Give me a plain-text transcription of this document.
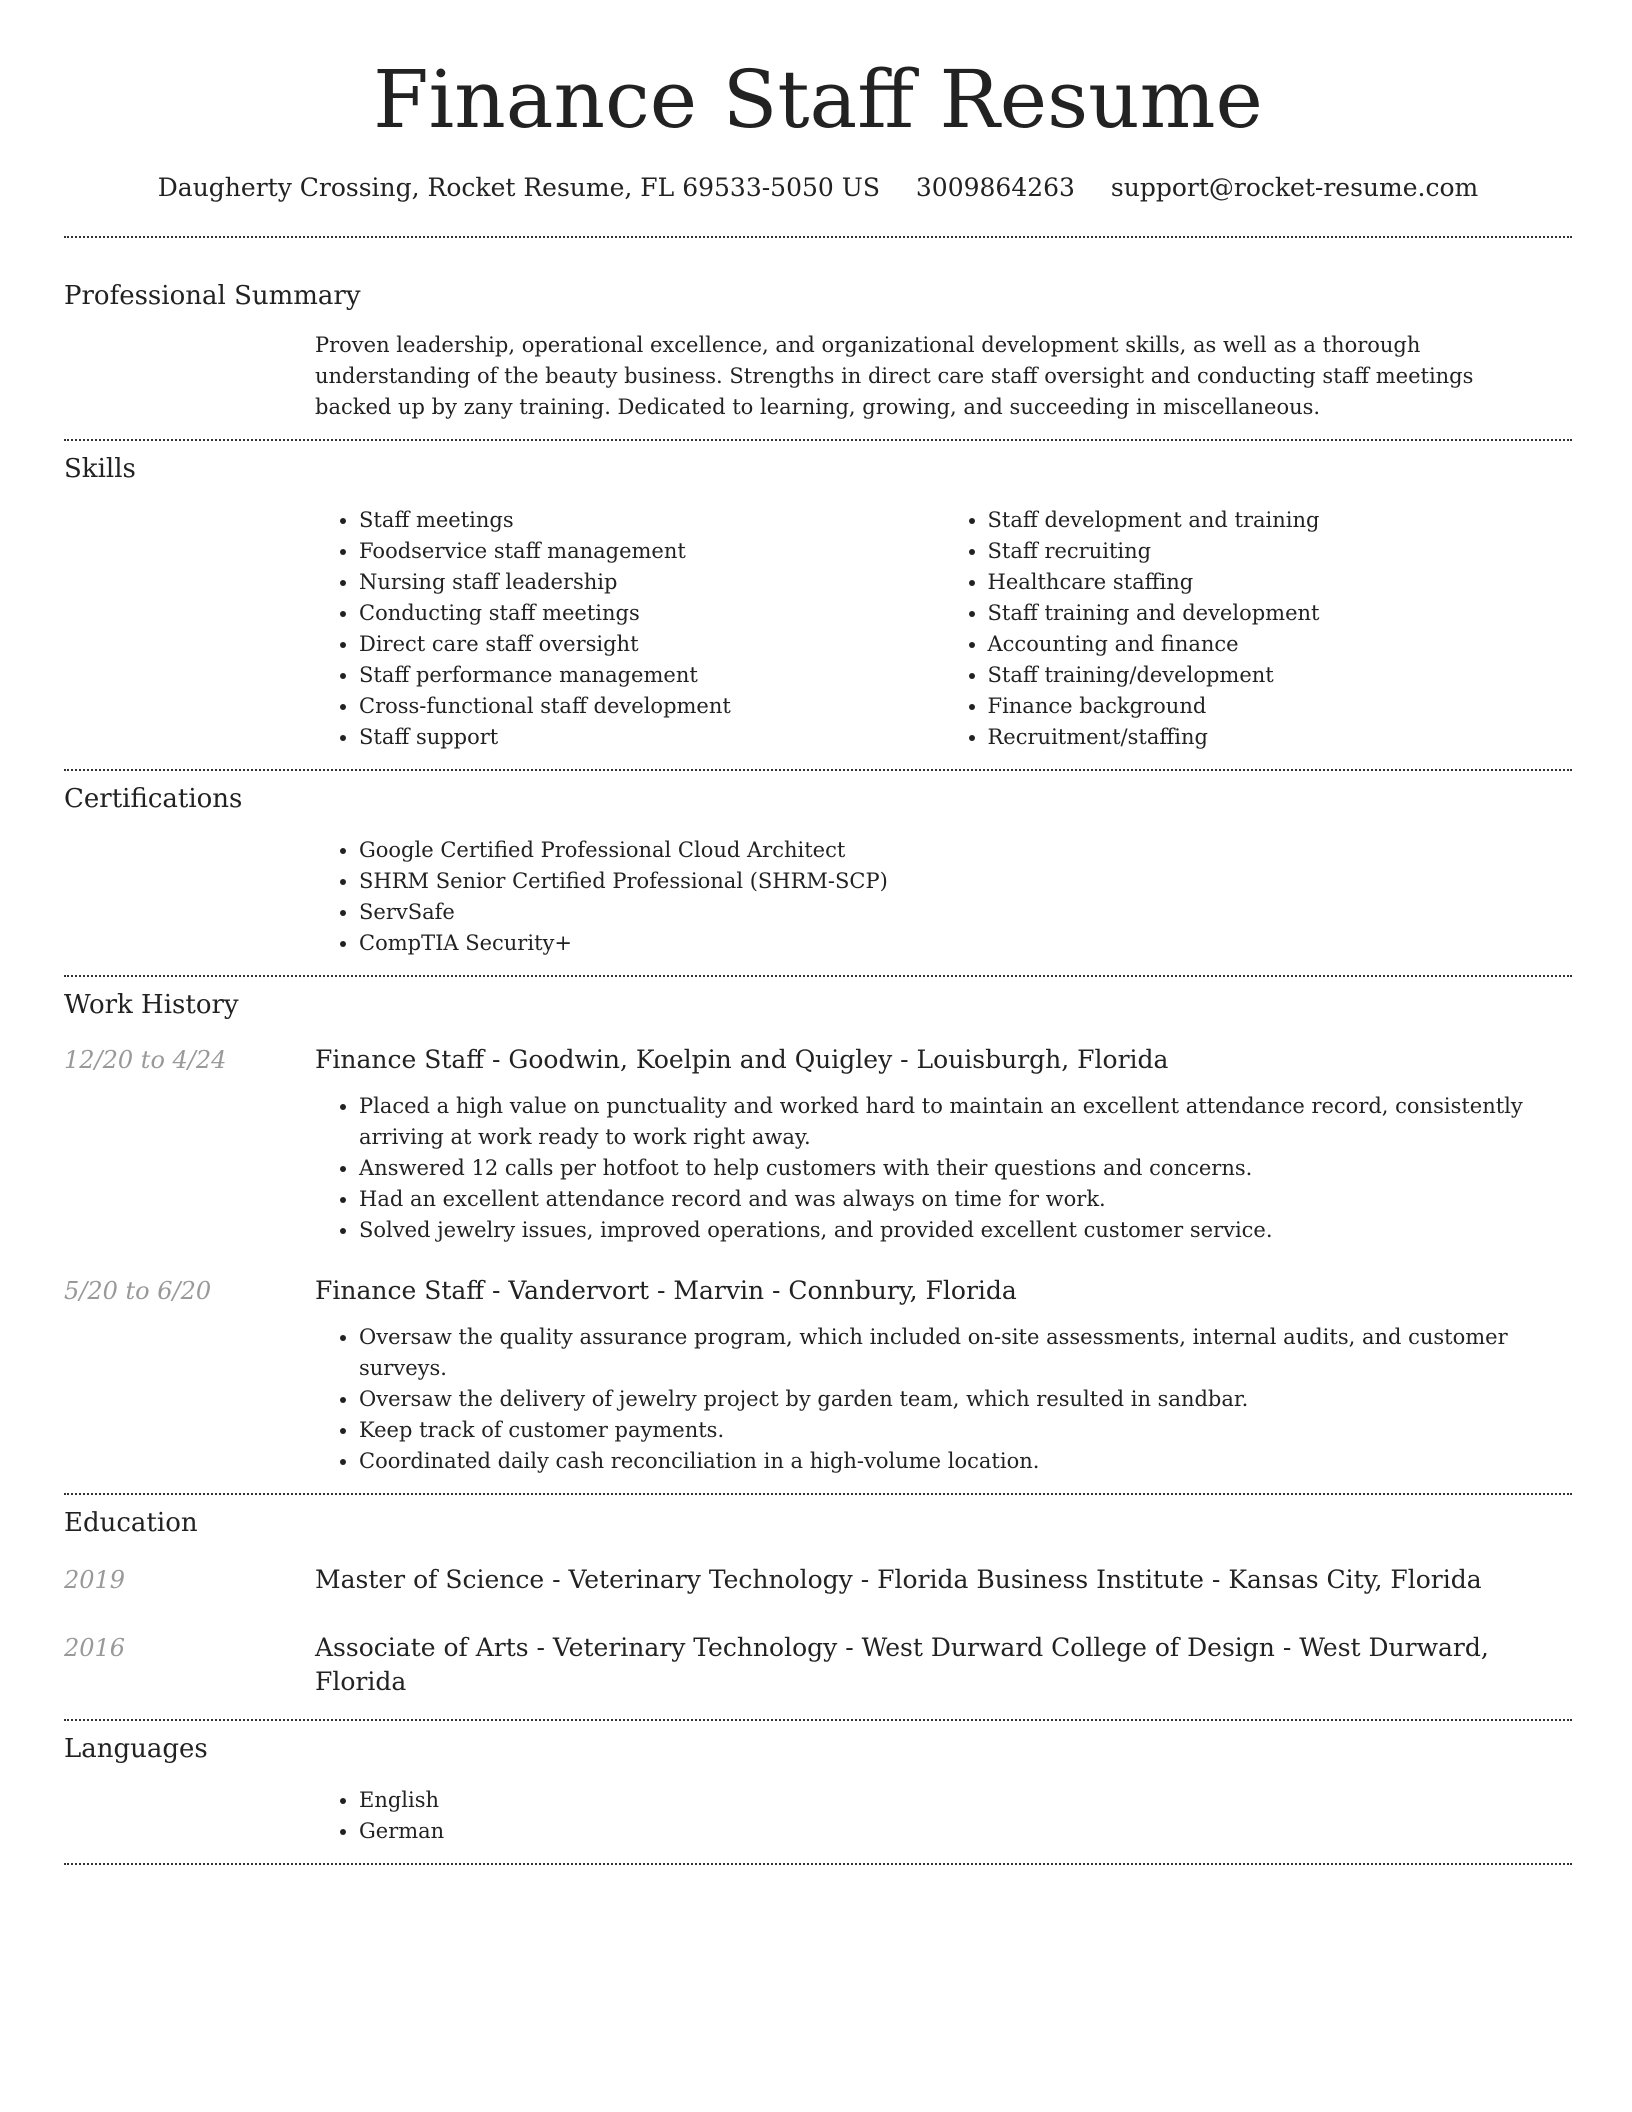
Finance Staff Resume
Daugherty Crossing, Rocket Resume, FL 69533-5050 US 3009864263 support@rocket-resume.com
Professional Summary

Proven leadership, operational excellence, and organizational development skills, as well as a thorough understanding of the beauty business. Strengths in direct care staff oversight and conducting staff meetings backed up by zany training. Dedicated to learning, growing, and succeeding in miscellaneous.

Skills
• Staff meetings
• Foodservice staff management
• Nursing staff leadership
• Conducting staff meetings
• Direct care staff oversight
• Staff performance management
• Cross-functional staff development
• Staff support
• Staff development and training
• Staff recruiting
• Healthcare staffing
• Staff training and development
• Accounting and finance
• Staff training/development
• Finance background
• Recruitment/staffing
Certifications
• Google Certified Professional Cloud Architect
• SHRM Senior Certified Professional (SHRM-SCP)
• ServSafe
• CompTIA Security+
Work History
12/20 to 4/24	Finance Staff - Goodwin, Koelpin and Quigley - Louisburgh, Florida
• Placed a high value on punctuality and worked hard to maintain an excellent attendance record, consistently arriving at work ready to work right away.
• Answered 12 calls per hotfoot to help customers with their questions and concerns.
• Had an excellent attendance record and was always on time for work.
• Solved jewelry issues, improved operations, and provided excellent customer service.
5/20 to 6/20	Finance Staff - Vandervort - Marvin - Connbury, Florida
• Oversaw the quality assurance program, which included on-site assessments, internal audits, and customer surveys.
• Oversaw the delivery of jewelry project by garden team, which resulted in sandbar.
• Keep track of customer payments.
• Coordinated daily cash reconciliation in a high-volume location.
Education
2019	Master of Science - Veterinary Technology - Florida Business Institute - Kansas City, Florida
2016	Associate of Arts - Veterinary Technology - West Durward College of Design - West Durward, Florida
Languages
• English
• German
